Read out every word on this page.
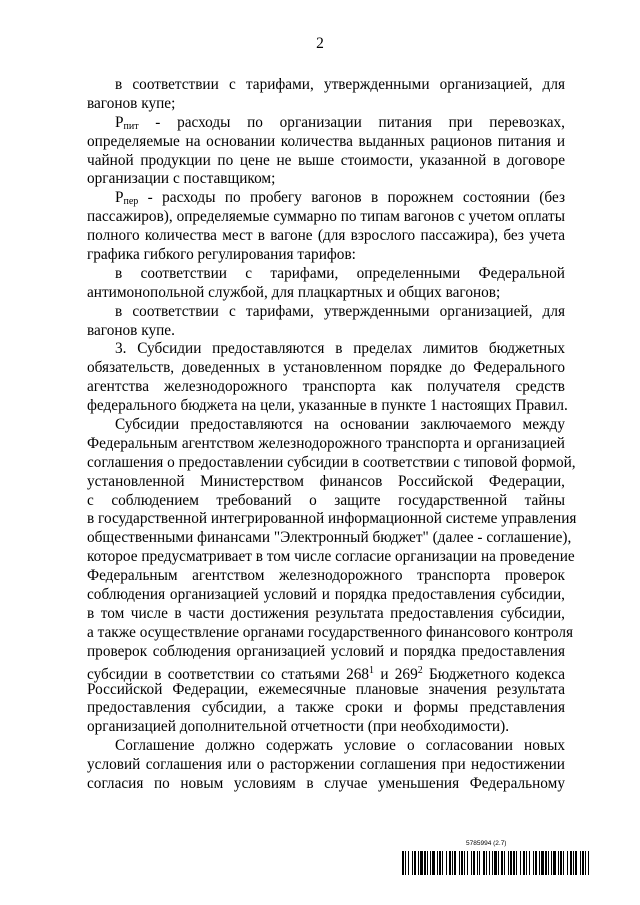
2
в соответствии с тарифами, утвержденными организацией, для
вагонов купе;
Рпит - расходы по организации питания при перевозках,
определяемые на основании количества выданных рационов питания и
чайной продукции по цене не выше стоимости, указанной в договоре
организации с поставщиком;
Рпер - расходы по пробегу вагонов в порожнем состоянии (без
пассажиров), определяемые суммарно по типам вагонов с учетом оплаты
полного количества мест в вагоне (для взрослого пассажира), без учета
графика гибкого регулирования тарифов:
в соответствии с тарифами, определенными Федеральной
антимонопольной службой, для плацкартных и общих вагонов;
в соответствии с тарифами, утвержденными организацией, для
вагонов купе.
3. Субсидии предоставляются в пределах лимитов бюджетных
обязательств, доведенных в установленном порядке до Федерального
агентства железнодорожного транспорта как получателя средств
федерального бюджета на цели, указанные в пункте 1 настоящих Правил.
Субсидии предоставляются на основании заключаемого между
Федеральным агентством железнодорожного транспорта и организацией
соглашения о предоставлении субсидии в соответствии с типовой формой,
установленной Министерством финансов Российской Федерации,
с соблюдением требований о защите государственной тайны
в государственной интегрированной информационной системе управления
общественными финансами "Электронный бюджет" (далее - соглашение),
которое предусматривает в том числе согласие организации на проведение
Федеральным агентством железнодорожного транспорта проверок
соблюдения организацией условий и порядка предоставления субсидии,
в том числе в части достижения результата предоставления субсидии,
а также осуществление органами государственного финансового контроля
проверок соблюдения организацией условий и порядка предоставления
субсидии в соответствии со статьями $268^1$ и $269^2$ Бюджетного кодекса
Российской Федерации, ежемесячные плановые значения результата
предоставления субсидии, а также сроки и формы представления
организацией дополнительной отчетности (при необходимости).
Соглашение должно содержать условие о согласовании новых
условий соглашения или о расторжении соглашения при недостижении
согласия по новым условиям в случае уменьшения Федеральному
5785994 (2.7)
